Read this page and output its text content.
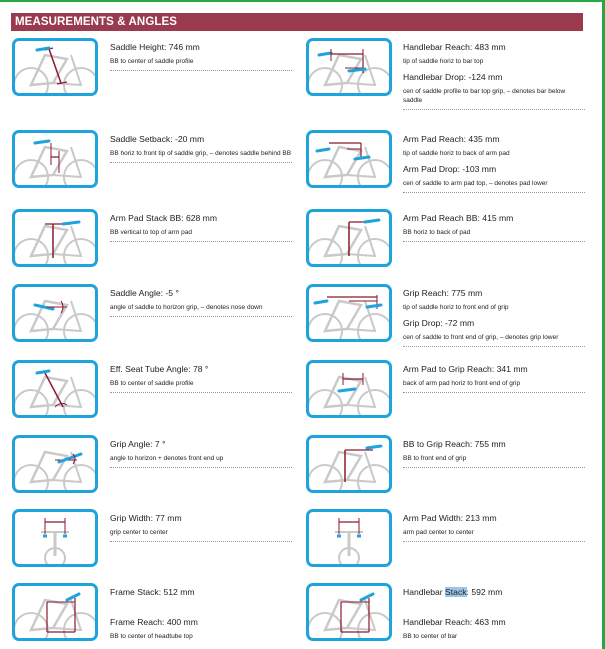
MEASUREMENTS & ANGLES
Saddle Height: 746 mm
BB to center of saddle profile
Handlebar Reach: 483 mm
tip of saddle horiz to bar top
Handlebar Drop: -124 mm
cen of saddle profile to bar top grip, – denotes bar below saddle
Saddle Setback: -20 mm
BB horiz to front tip of saddle grip, – denotes saddle behind BB
Arm Pad Reach: 435 mm
tip of saddle horiz to back of arm pad
Arm Pad Drop: -103 mm
cen of saddle to arm pad top, – denotes pad lower
Arm Pad Stack BB: 628 mm
BB vertical to top of arm pad
Arm Pad Reach BB: 415 mm
BB horiz to back of pad
Saddle Angle: -5 °
angle of saddle to horizon grip, – denotes nose down
Grip Reach: 775 mm
tip of saddle horiz to front end of grip
Grip Drop: -72 mm
cen of saddle to front end of grip, – denotes grip lower
Eff. Seat Tube Angle: 78 °
BB to center of saddle profile
Arm Pad to Grip Reach: 341 mm
back of arm pad horiz to front end of grip
Grip Angle: 7 °
angle to horizon + denotes front end up
BB to Grip Reach: 755 mm
BB to front end of grip
Grip Width: 77 mm
grip center to center
Arm Pad Width: 213 mm
arm pad center to center
Frame Stack: 512 mm
Frame Reach: 400 mm
BB to center of headtube top
Handlebar Stack: 592 mm
Handlebar Reach: 463 mm
BB to center of bar
